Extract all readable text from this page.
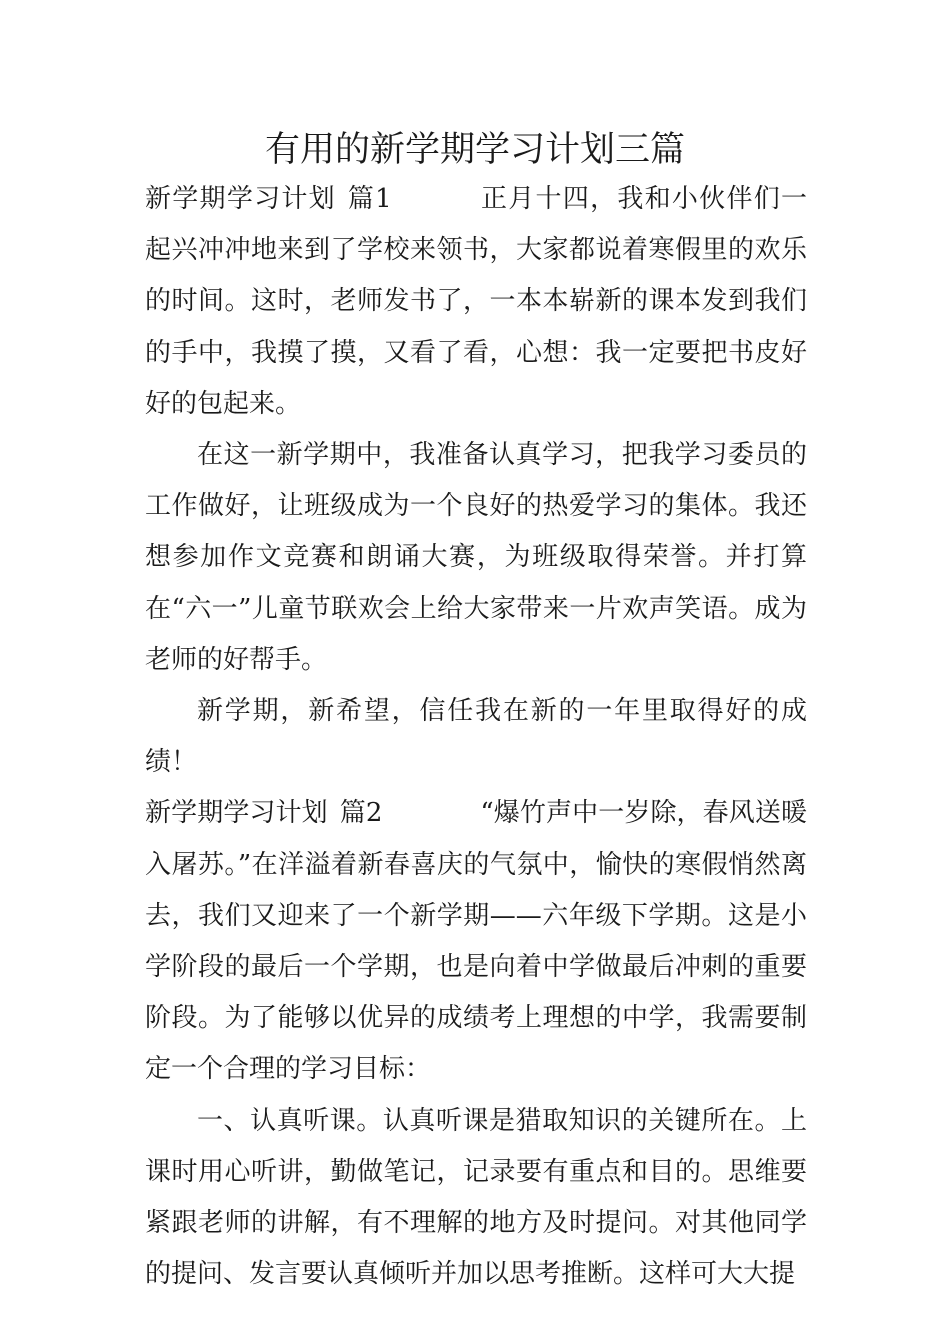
有用的新学期学习计划三篇

新学期学习计划 篇1	正月十四，我和小伙伴们一起兴冲冲地来到了学校来领书，大家都说着寒假里的欢乐的时间。这时，老师发书了，一本本崭新的课本发到我们的手中，我摸了摸，又看了看，心想：我一定要把书皮好好的包起来。

在这一新学期中，我准备认真学习，把我学习委员的工作做好，让班级成为一个良好的热爱学习的集体。我还想参加作文竞赛和朗诵大赛，为班级取得荣誉。并打算在“六一”儿童节联欢会上给大家带来一片欢声笑语。成为老师的好帮手。

新学期，新希望，信任我在新的一年里取得好的成绩！

新学期学习计划 篇2	“爆竹声中一岁除，春风送暖入屠苏。”在洋溢着新春喜庆的气氛中，愉快的寒假悄然离去，我们又迎来了一个新学期——六年级下学期。这是小学阶段的最后一个学期，也是向着中学做最后冲刺的重要阶段。为了能够以优异的成绩考上理想的中学，我需要制定一个合理的学习目标：

一、认真听课。认真听课是猎取知识的关键所在。上课时用心听讲，勤做笔记，记录要有重点和目的。思维要紧跟老师的讲解，有不理解的地方及时提问。对其他同学的提问、发言要认真倾听并加以思考推断。这样可大大提
